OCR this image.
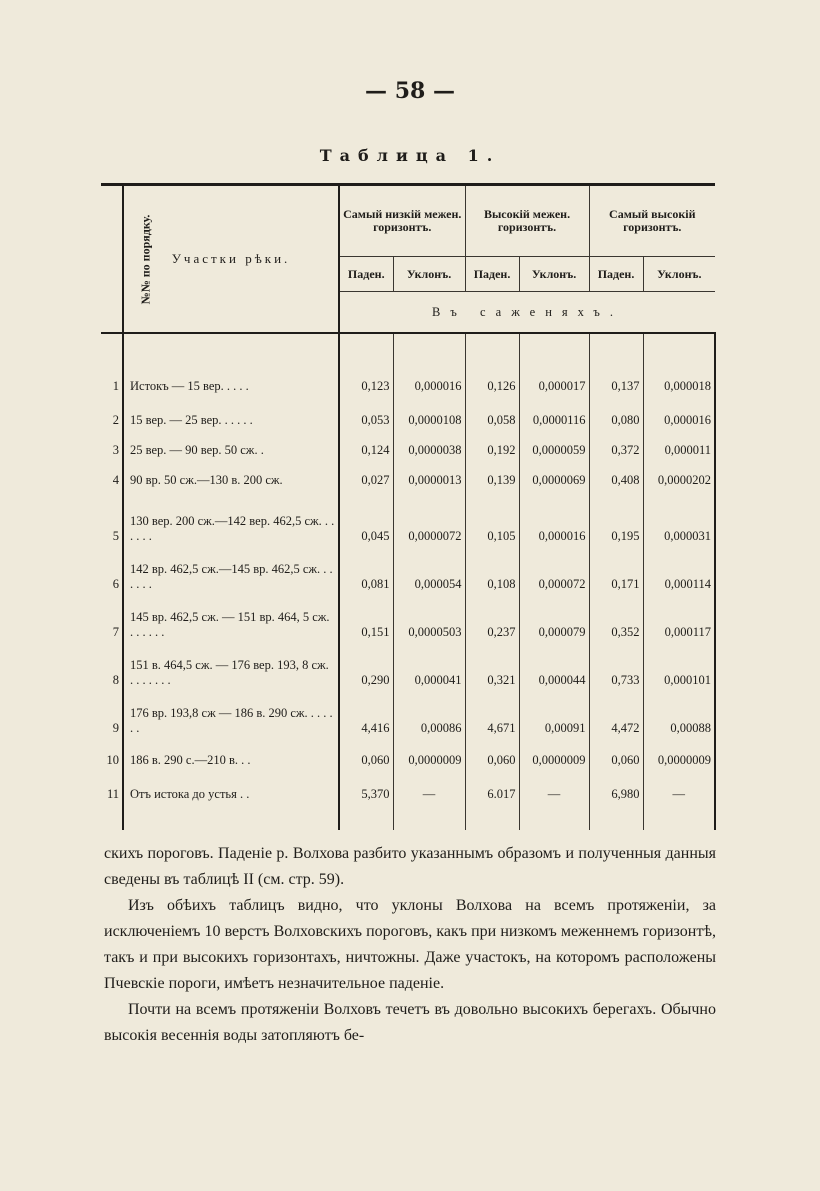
— 58 —
Таблица 1.
№№ по порядку.	Участки рѣки.	Самый низкій межен. горизонтъ.		Высокій межен. горизонтъ.		Самый высокій горизонтъ.	
		Паден.	Уклонъ.	Паден.	Уклонъ.	Паден.	Уклонъ.
		Въ саженяхъ.					

1	Истокъ — 15 вер. . . . .	0,123	0,000016	0,126	0,000017	0,137	0,000018
2	15 вер. — 25 вер. . . . . .	0,053	0,0000108	0,058	0,0000116	0,080	0,000016
3	25 вер. — 90 вер. 50 сж. .	0,124	0,0000038	0,192	0,0000059	0,372	0,000011
4	90 вр. 50 сж.—130 в. 200 сж.	0,027	0,0000013	0,139	0,0000069	0,408	0,0000202
5	130 вер. 200 сж.—142 вер. 462,5 сж. . . . . . .	0,045	0,0000072	0,105	0,000016	0,195	0,000031
6	142 вр. 462,5 сж.—145 вр. 462,5 сж. . . . . . .	0,081	0,000054	0,108	0,000072	0,171	0,000114
7	145 вр. 462,5 сж. — 151 вр. 464, 5 сж. . . . . . .	0,151	0,0000503	0,237	0,000079	0,352	0,000117
8	151 в. 464,5 сж. — 176 вер. 193, 8 сж. . . . . . . .	0,290	0,000041	0,321	0,000044	0,733	0,000101
9	176 вр. 193,8 сж — 186 в. 290 сж. . . . . . .	4,416	0,00086	4,671	0,00091	4,472	0,00088
10	186 в. 290 с.—210 в. . .	0,060	0,0000009	0,060	0,0000009	0,060	0,0000009
11	Отъ истока до устья . .	5,370	—	6.017	—	6,980	—

скихъ пороговъ. Паденіе р. Волхова разбито указаннымъ образомъ и полученныя данныя сведены въ таблицѣ II (см. стр. 59).

Изъ обѣихъ таблицъ видно, что уклоны Волхова на всемъ протяженіи, за исключеніемъ 10 верстъ Волховскихъ пороговъ, какъ при низкомъ меженнемъ горизонтѣ, такъ и при высокихъ горизонтахъ, ничтожны. Даже участокъ, на которомъ расположены Пчевскіе пороги, имѣетъ незначительное паденіе.

Почти на всемъ протяженіи Волховъ течетъ въ довольно высокихъ берегахъ. Обычно высокія весеннія воды затопляютъ бе-
